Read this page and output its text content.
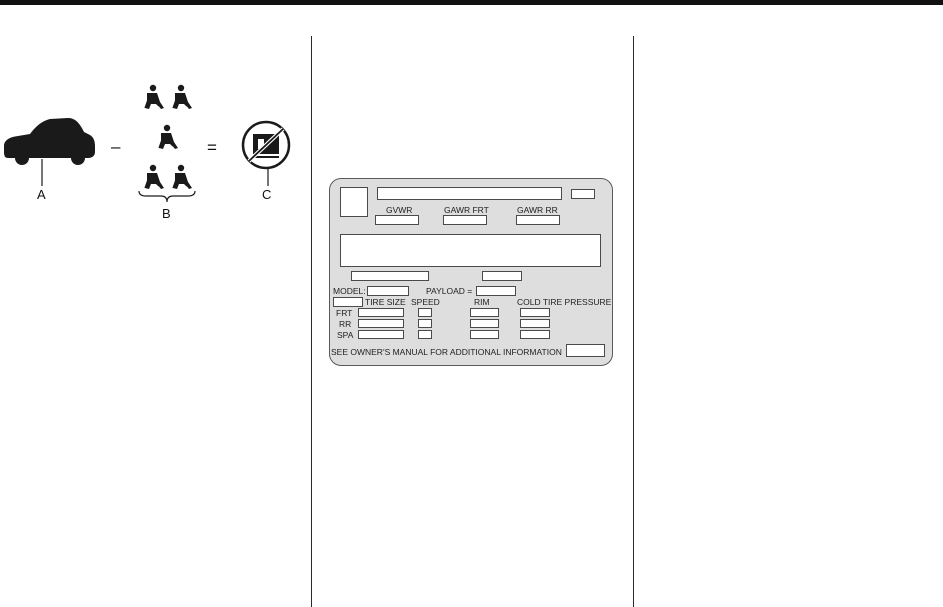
A
–
B
=
C
GVWR	GAWR FRT	GAWR RR
MODEL:	PAYLOAD =
TIRE SIZE SPEED	RIM	COLD TIRE PRESSURE
FRT
RR
SPA
SEE OWNER'S MANUAL FOR ADDITIONAL INFORMATION
